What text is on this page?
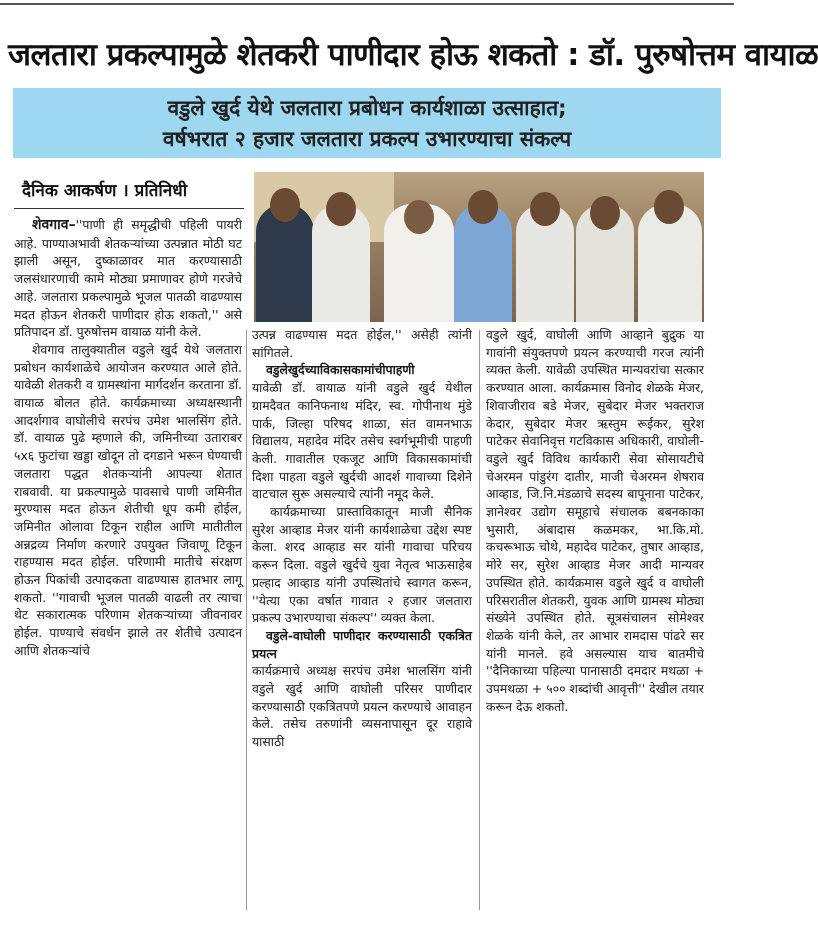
जलतारा प्रकल्पामुळे शेतकरी पाणीदार होऊ शकतो : डॉ. पुरुषोत्तम वायाळ
वडुले खुर्द येथे जलतारा प्रबोधन कार्यशाळा उत्साहात;
वर्षभरात २ हजार जलतारा प्रकल्प उभारण्याचा संकल्प
दैनिक आकर्षण । प्रतिनिधी

शेवगाव–''पाणी ही समृद्धीची पहिली पायरी आहे. पाण्याअभावी शेतकऱ्यांच्या उत्पन्नात मोठी घट झाली असून, दुष्काळावर मात करण्यासाठी जलसंधारणाची कामे मोठ्या प्रमाणावर होणे गरजेचे आहे. जलतारा प्रकल्पामुळे भूजल पातळी वाढण्यास मदत होऊन शेतकरी पाणीदार होऊ शकतो,'' असे प्रतिपादन डॉ. पुरुषोत्तम वायाळ यांनी केले.

शेवगाव तालुक्यातील वडुले खुर्द येथे जलतारा प्रबोधन कार्यशाळेचे आयोजन करण्यात आले होते. यावेळी शेतकरी व ग्रामस्थांना मार्गदर्शन करताना डॉ. वायाळ बोलत होते. कार्यक्रमाच्या अध्यक्षस्थानी आदर्शगाव वाघोलीचे सरपंच उमेश भालसिंग होते. डॉ. वायाळ पुढे म्हणाले की, जमिनीच्या उताराबर ५x६ फुटांचा खड्डा खोदून तो दगडाने भरून घेण्याची जलतारा पद्धत शेतकऱ्यांनी आपल्या शेतात राबवावी. या प्रकल्पामुळे पावसाचे पाणी जमिनीत मुरण्यास मदत होऊन शेतीची धूप कमी होईल, जमिनीत ओलावा टिकून राहील आणि मातीतील अन्नद्रव्य निर्माण करणारे उपयुक्त जिवाणू टिकून राहण्यास मदत होईल. परिणामी मातीचे संरक्षण होऊन पिकांची उत्पादकता वाढण्यास हातभार लागू शकतो. ''गावाची भूजल पातळी वाढली तर त्याचा थेट सकारात्मक परिणाम शेतकऱ्यांच्या जीवनावर होईल. पाण्याचे संवर्धन झाले तर शेतीचे उत्पादन आणि शेतकऱ्यांचे

उत्पन्न वाढण्यास मदत होईल,'' असेही त्यांनी सांगितले.

वडुलेखुर्दच्याविकासकामांचीपाहणी

यावेळी डॉ. वायाळ यांनी वडुले खुर्द येथील ग्रामदैवत कानिफनाथ मंदिर, स्व. गोपीनाथ मुंडे पार्क, जिल्हा परिषद शाळा, संत वामनभाऊ विद्यालय, महादेव मंदिर तसेच स्वर्गभूमीची पाहणी केली. गावातील एकजूट आणि विकासकामांची दिशा पाहता वडुले खुर्दची आदर्श गावाच्या दिशेने वाटचाल सुरू असल्याचे त्यांनी नमूद केले.

कार्यक्रमाच्या प्रास्ताविकातून माजी सैनिक सुरेश आव्हाड मेजर यांनी कार्यशाळेचा उद्देश स्पष्ट केला. शरद आव्हाड सर यांनी गावाचा परिचय करून दिला. वडुले खुर्दचे युवा नेतृत्व भाऊसाहेब प्रल्हाद आव्हाड यांनी उपस्थितांचे स्वागत करून, ''येत्या एका वर्षात गावात २ हजार जलतारा प्रकल्प उभारण्याचा संकल्प'' व्यक्त केला.

वडुले-वाघोली पाणीदार करण्यासाठी एकत्रित प्रयत्न

कार्यक्रमाचे अध्यक्ष सरपंच उमेश भालसिंग यांनी वडुले खुर्द आणि वाघोली परिसर पाणीदार करण्यासाठी एकत्रितपणे प्रयत्न करण्याचे आवाहन केले. तसेच तरुणांनी व्यसनापासून दूर राहावे यासाठी

वडुले खुर्द, वाघोली आणि आव्हाने बुद्रुक या गावांनी संयुक्तपणे प्रयत्न करण्याची गरज त्यांनी व्यक्त केली. यावेळी उपस्थित मान्यवरांचा सत्कार करण्यात आला. कार्यक्रमास विनोद शेळके मेजर, शिवाजीराव बडे मेजर, सुबेदार मेजर भक्तराज केदार, सुबेदार मेजर ऋस्तुम रूईकर, सुरेश पाटेकर सेवानिवृत्त गटविकास अधिकारी, वाघोली-वडुले खुर्द विविध कार्यकारी सेवा सोसायटीचे चेअरमन पांडुरंग दातीर, माजी चेअरमन शेषराव आव्हाड, जि.नि.मंडळाचे सदस्य बापूनाना पाटेकर, ज्ञानेश्वर उद्योग समूहाचे संचालक बबनकाका भुसारी, अंबादास कळमकर, भा.कि.मो. कचरूभाऊ चोथे, महादेव पाटेकर, तुषार आव्हाड, मोरे सर, सुरेश आव्हाड मेजर आदी मान्यवर उपस्थित होते. कार्यक्रमास वडुले खुर्द व वाघोली परिसरातील शेतकरी, युवक आणि ग्रामस्थ मोठ्या संख्येने उपस्थित होते. सूत्रसंचालन सोमेश्वर शेळके यांनी केले, तर आभार रामदास पांढरे सर यांनी मानले. हवे असल्यास याच बातमीचे ''दैनिकाच्या पहिल्या पानासाठी दमदार मथळा + उपमथळा + ५०० शब्दांची आवृत्ती'' देखील तयार करून देऊ शकतो.
